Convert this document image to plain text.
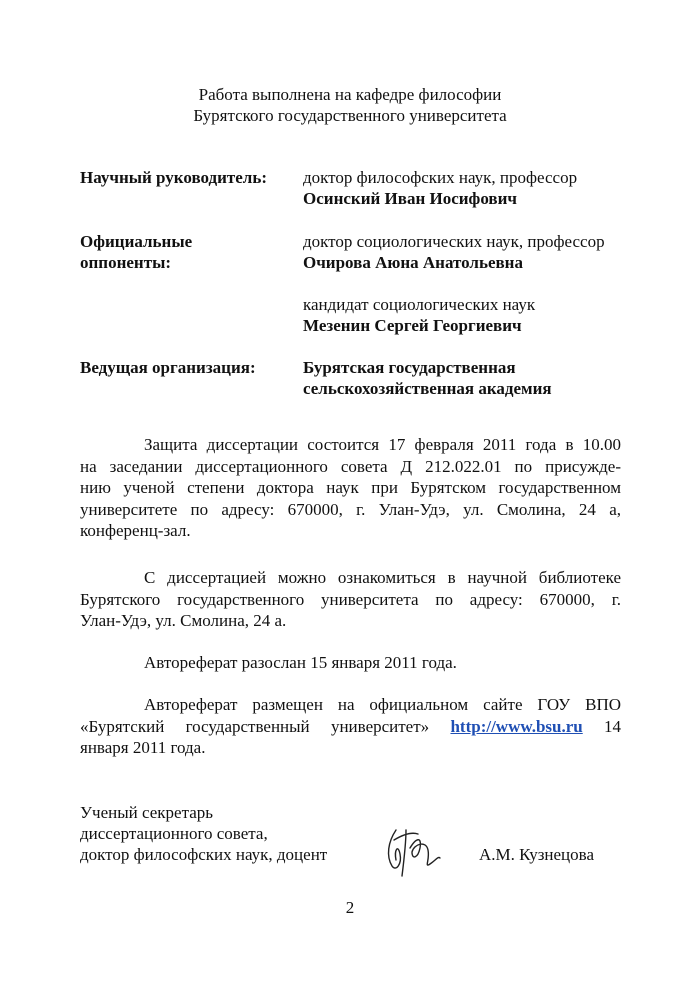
Работа выполнена на кафедре философии
Бурятского государственного университета
Научный руководитель: доктор философских наук, профессор
Осинский Иван Иосифович
Официальные
оппоненты:
доктор социологических наук, профессор
Очирова Аюна Анатольевна
кандидат социологических наук
Мезенин Сергей Георгиевич
Ведущая организация:	Бурятская государственная
сельскохозяйственная академия
Защита диссертации состоится 17 февраля 2011 года в 10.00
на заседании диссертационного совета Д 212.022.01 по присужде-
нию ученой степени доктора наук при Бурятском государственном
университете по адресу: 670000, г. Улан-Удэ, ул. Смолина, 24 а,
конференц-зал.
С диссертацией можно ознакомиться в научной библиотеке
Бурятского государственного университета по адресу: 670000, г.
Улан-Удэ, ул. Смолина, 24 а.
Автореферат разослан 15 января 2011 года.
Автореферат размещен на официальном сайте ГОУ ВПО
«Бурятский государственный университет» http://www.bsu.ru 14
января 2011 года.
Ученый секретарь
диссертационного совета,
доктор философских наук, доцент	А.М. Кузнецова
2
